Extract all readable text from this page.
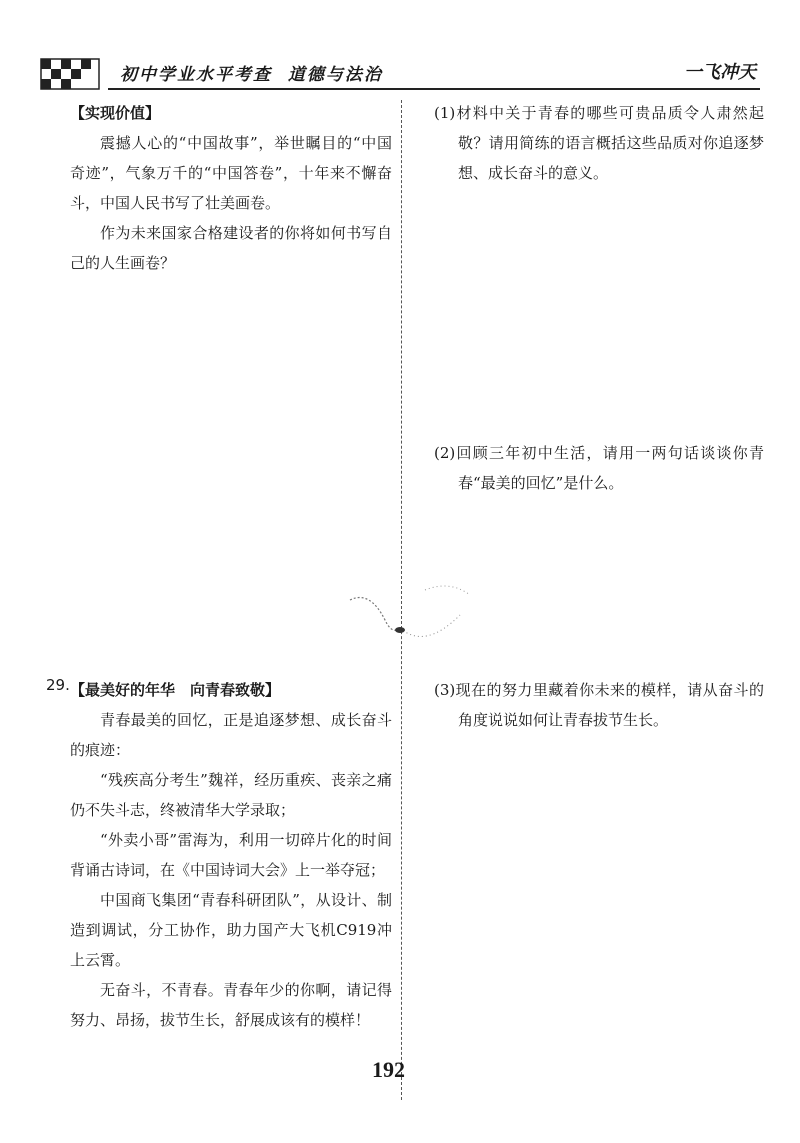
初中学业水平考查  道德与法治	一飞冲天
【实现价值】

震撼人心的“中国故事”，举世瞩目的“中国奇迹”，气象万千的“中国答卷”，十年来不懈奋斗，中国人民书写了壮美画卷。

作为未来国家合格建设者的你将如何书写自己的人生画卷？

29. 【最美好的年华　向青春致敬】

青春最美的回忆，正是追逐梦想、成长奋斗的痕迹：

“残疾高分考生”魏祥，经历重疾、丧亲之痛仍不失斗志，终被清华大学录取；

“外卖小哥”雷海为，利用一切碎片化的时间背诵古诗词，在《中国诗词大会》上一举夺冠；

中国商飞集团“青春科研团队”，从设计、制造到调试，分工协作，助力国产大飞机C919冲上云霄。

无奋斗，不青春。青春年少的你啊，请记得努力、昂扬，拔节生长，舒展成该有的模样！

(1)材料中关于青春的哪些可贵品质令人肃然起敬？请用简练的语言概括这些品质对你追逐梦想、成长奋斗的意义。

(2)回顾三年初中生活，请用一两句话谈谈你青春“最美的回忆”是什么。

(3)现在的努力里藏着你未来的模样，请从奋斗的角度说说如何让青春拔节生长。

192
